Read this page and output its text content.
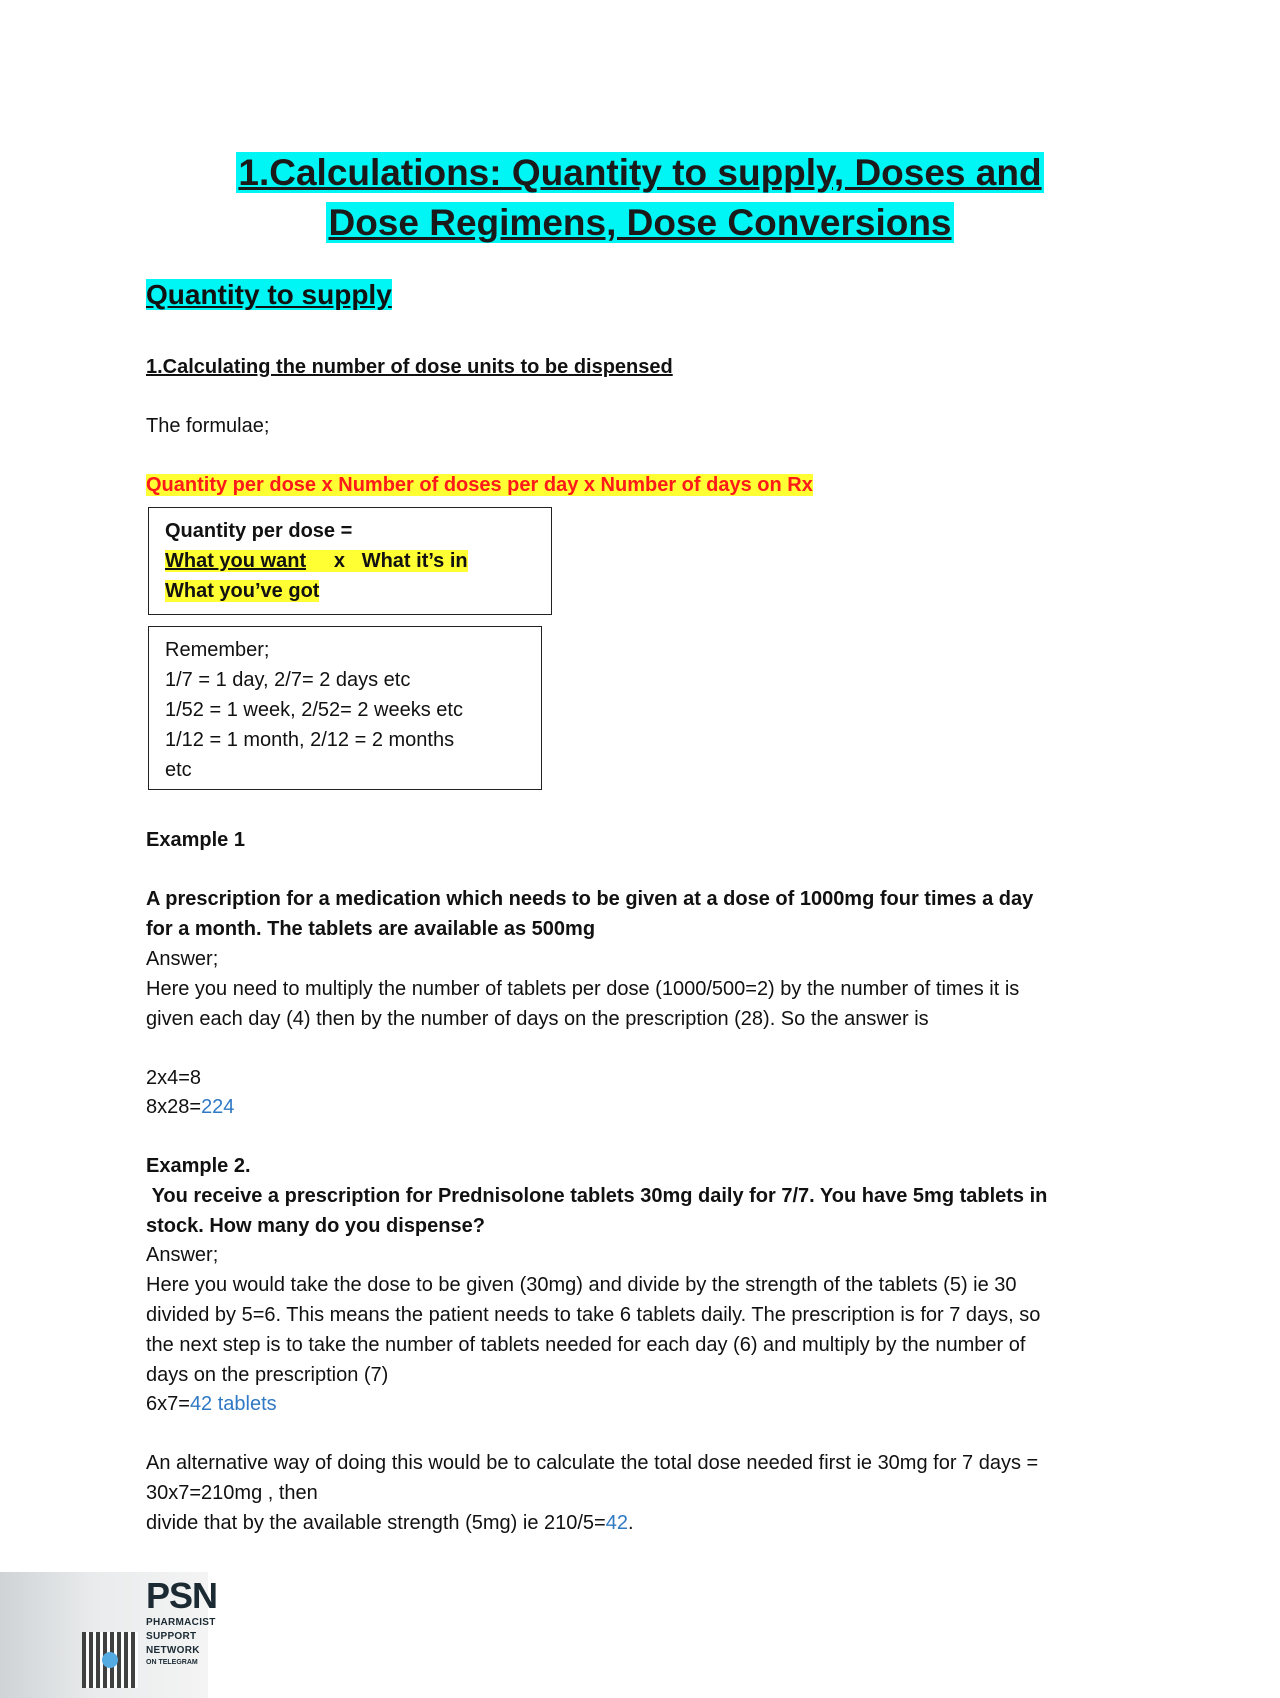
1.Calculations: Quantity to supply, Doses and
Dose Regimens, Dose Conversions
Quantity to supply
1.Calculating the number of dose units to be dispensed
The formulae;
Quantity per dose x Number of doses per day x Number of days on Rx
Quantity per dose =
What you want x What it’s in
What you’ve got
Remember;
1/7 = 1 day, 2/7= 2 days etc
1/52 = 1 week, 2/52= 2 weeks etc
1/12 = 1 month, 2/12 = 2 months
etc
Example 1
A prescription for a medication which needs to be given at a dose of 1000mg four times a day for a month. The tablets are available as 500mg
Answer;
Here you need to multiply the number of tablets per dose (1000/500=2) by the number of times it is given each day (4) then by the number of days on the prescription (28). So the answer is
2x4=8
8x28=224
Example 2.
You receive a prescription for Prednisolone tablets 30mg daily for 7/7. You have 5mg tablets in stock. How many do you dispense?
Answer;
Here you would take the dose to be given (30mg) and divide by the strength of the tablets (5) ie 30 divided by 5=6. This means the patient needs to take 6 tablets daily. The prescription is for 7 days, so the next step is to take the number of tablets needed for each day (6) and multiply by the number of days on the prescription (7)
6x7=42 tablets
An alternative way of doing this would be to calculate the total dose needed first ie 30mg for 7 days = 30x7=210mg , then
divide that by the available strength (5mg) ie 210/5=42.
PSN
PHARMACIST
SUPPORT
NETWORK
ON TELEGRAM
